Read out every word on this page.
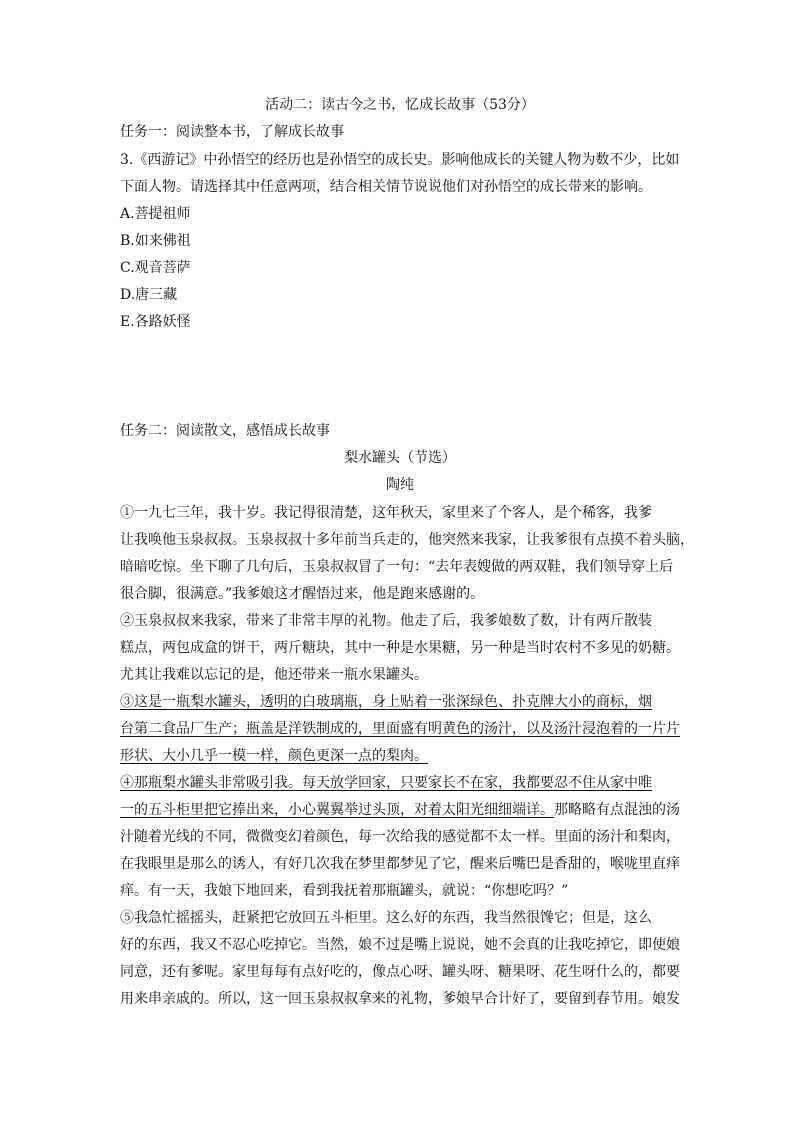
活动二：读古今之书，忆成长故事（53分）
任务一：阅读整本书，了解成长故事
3.《西游记》中孙悟空的经历也是孙悟空的成长史。影响他成长的关键人物为数不少，比如
下面人物。请选择其中任意两项，结合相关情节说说他们对孙悟空的成长带来的影响。
A.菩提祖师
B.如来佛祖
C.观音菩萨
D.唐三藏
E.各路妖怪
任务二：阅读散文，感悟成长故事
梨水罐头（节选）
陶纯
①一九七三年，我十岁。我记得很清楚，这年秋天，家里来了个客人，是个稀客，我爹
让我唤他玉泉叔叔。玉泉叔叔十多年前当兵走的，他突然来我家，让我爹很有点摸不着头脑，
暗暗吃惊。坐下聊了几句后，玉泉叔叔冒了一句：“去年表嫂做的两双鞋，我们领导穿上后
很合脚，很满意。”我爹娘这才醒悟过来，他是跑来感谢的。
②玉泉叔叔来我家，带来了非常丰厚的礼物。他走了后，我爹娘数了数，计有两斤散装
糕点，两包成盒的饼干，两斤糖块，其中一种是水果糖，另一种是当时农村不多见的奶糖。
尤其让我难以忘记的是，他还带来一瓶水果罐头。
③这是一瓶梨水罐头，透明的白玻璃瓶，身上贴着一张深绿色、扑克牌大小的商标，烟
台第二食品厂生产；瓶盖是洋铁制成的，里面盛有明黄色的汤汁，以及汤汁浸泡着的一片片
形状、大小几乎一模一样，颜色更深一点的梨肉。
④那瓶梨水罐头非常吸引我。每天放学回家，只要家长不在家，我都要忍不住从家中唯
一的五斗柜里把它捧出来，小心翼翼举过头顶，对着太阳光细细端详。那略略有点混浊的汤
汁随着光线的不同，微微变幻着颜色，每一次给我的感觉都不太一样。里面的汤汁和梨肉，
在我眼里是那么的诱人，有好几次我在梦里都梦见了它，醒来后嘴巴是香甜的，喉咙里直痒
痒。有一天，我娘下地回来，看到我抚着那瓶罐头，就说：“你想吃吗？”
⑤我急忙摇摇头，赶紧把它放回五斗柜里。这么好的东西，我当然很馋它；但是，这么
好的东西，我又不忍心吃掉它。当然，娘不过是嘴上说说，她不会真的让我吃掉它，即使娘
同意，还有爹呢。家里每每有点好吃的，像点心呀、罐头呀、糖果呀、花生呀什么的，都要
用来串亲戚的。所以，这一回玉泉叔叔拿来的礼物，爹娘早合计好了，要留到春节用。娘发
